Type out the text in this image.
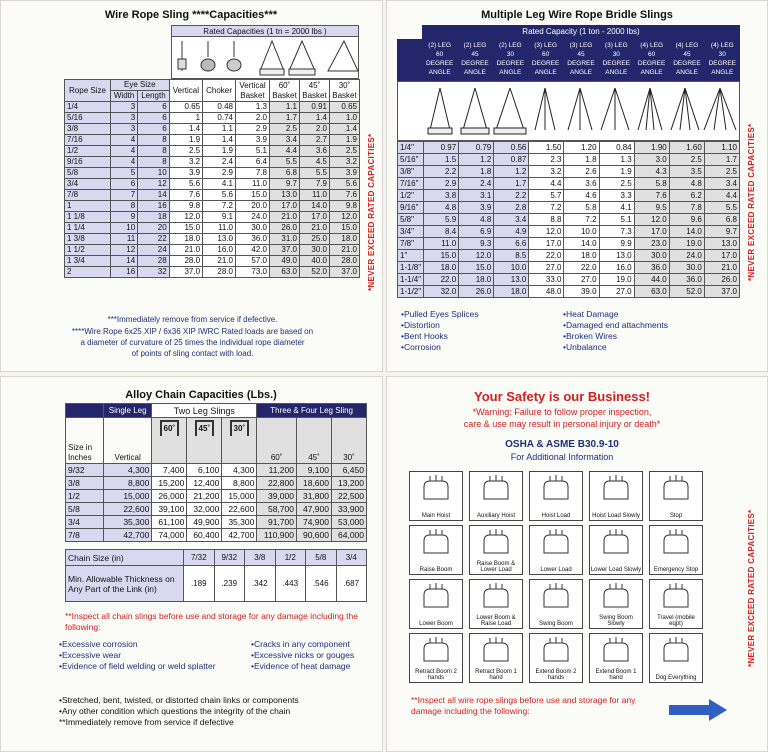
Wire Rope Sling ****Capacities***
Rated Capacities (1 tn = 2000 lbs )
Rope Size	Eye Size		Vertical	Choker	Vertical Basket	60˚ Basket	45˚ Basket	30˚ Basket
	Width	Length						
1/4	3	6	0.65	0.48	1.3	1.1	0.91	0.65
5/16	3	6	1	0.74	2.0	1.7	1.4	1.0
3/8	3	6	1.4	1.1	2.9	2.5	2.0	1.4
7/16	4	8	1.9	1.4	3.9	3.4	2.7	1.9
1/2	4	8	2.5	1.9	5.1	4.4	3.6	2.5
9/16	4	8	3.2	2.4	6.4	5.5	4.5	3.2
5/8	5	10	3.9	2.9	7.8	6.8	5.5	3.9
3/4	6	12	5.6	4.1	11.0	9.7	7.9	5.6
7/8	7	14	7.6	5.6	15.0	13.0	11.0	7.6
1	8	16	9.8	7.2	20.0	17.0	14.0	9.8
1 1/8	9	18	12.0	9.1	24.0	21.0	17.0	12.0
1 1/4	10	20	15.0	11.0	30.0	26.0	21.0	15.0
1 3/8	11	22	18.0	13.0	36.0	31.0	25.0	18.0
1 1/2	12	24	21.0	16.0	42.0	37.0	30.0	21.0
1 3/4	14	28	28.0	21.0	57.0	49.0	40.0	28.0
2	16	32	37.0	28.0	73.0	63.0	52.0	37.0
***Immediately remove from service if defective.
****Wire Rope 6x25 XIP / 6x36 XIP IWRC Rated loads are based on
a diameter of curvature of 25 times the individual rope diameter
of points of sling contact with load.
*NEVER EXCEED RATED CAPACITIES*
Multiple Leg Wire Rope Bridle Slings
Rated Capacity (1 ton - 2000 lbs)
(2) LEG
60
DEGREE
ANGLE
(2) LEG
45
DEGREE
ANGLE
(2) LEG
30
DEGREE
ANGLE
(3) LEG
60
DEGREE
ANGLE
(3) LEG
45
DEGREE
ANGLE
(3) LEG
30
DEGREE
ANGLE
(4) LEG
60
DEGREE
ANGLE
(4) LEG
45
DEGREE
ANGLE
(4) LEG
30
DEGREE
ANGLE
1/4"	0.97	0.79	0.56	1.50	1.20	0.84	1.90	1.60	1.10
5/16"	1.5	1.2	0.87	2.3	1.8	1.3	3.0	2.5	1.7
3/8"	2.2	1.8	1.2	3.2	2.6	1.9	4.3	3.5	2.5
7/16"	2.9	2.4	1.7	4.4	3.6	2.5	5.8	4.8	3.4
1/2"	3.8	3.1	2.2	5.7	4.6	3.3	7.6	6.2	4.4
9/16"	4.8	3.9	2.8	7.2	5.8	4.1	9.5	7.8	5.5
5/8"	5.9	4.8	3.4	8.8	7.2	5.1	12.0	9.6	6.8
3/4"	8.4	6.9	4.9	12.0	10.0	7.3	17.0	14.0	9.7
7/8"	11.0	9.3	6.6	17.0	14.0	9.9	23.0	19.0	13.0
1"	15.0	12.0	8.5	22.0	18.0	13.0	30.0	24.0	17.0
1-1/8"	18.0	15.0	10.0	27.0	22.0	16.0	36.0	30.0	21.0
1-1/4"	22.0	18.0	13.0	33.0	27.0	19.0	44.0	36.0	26.0
1-1/2"	32.0	26.0	18.0	48.0	39.0	27.0	63.0	52.0	37.0
•Pulled Eyes Splices
•Distortion
•Bent Hooks
•Corrosion
•Heat Damage
•Damaged end attachments
•Broken Wires
•Unbalance
*NEVER EXCEED RATED CAPACITIES*
Alloy Chain Capacities (Lbs.)
	Single Leg	Two Leg Slings			Three & Four Leg Sling		
Size in Inches	Vertical	60˚	45˚	30˚	60˚	45˚	30˚
9/32	4,300	7,400	6,100	4,300	11,200	9,100	6,450
3/8	8,800	15,200	12,400	8,800	22,800	18,600	13,200
1/2	15,000	26,000	21,200	15,000	39,000	31,800	22,500
5/8	22,600	39,100	32,000	22,600	58,700	47,900	33,900
3/4	35,300	61,100	49,900	35,300	91,700	74,900	53,000
7/8	42,700	74,000	60,400	42,700	110,900	90,600	64,000
Chain Size (in)	7/32	9/32	3/8	1/2	5/8	3/4
Min. Allowable Thickness on Any Part of the Link (in)	.189	.239	.342	.443	.546	.687
**Inspect all chain slings before use and storage for any damage including the following:
•Excessive corrosion
•Excessive wear
•Evidence of field welding or weld splatter
•Cracks in any component
•Excessive nicks or gouges
•Evidence of heat damage
•Stretched, bent, twisted, or distorted chain links or components
•Any other condition which questions the integrity of the chain
**Immediately remove from service if defective
Your Safety is our Business!
*Warning: Failure to follow proper inspection,
care & use may result in personal injury or death*
OSHA & ASME B30.9-10
For Additional Information
Main Hoist	Auxiliary Hoist	Hoist Load	Hoist Load Slowly	Stop
Raise Boom
Raise Boom & Lower Load	Lower Load	Lower Load Slowly	Emergency Stop
Lower Boom
Lower Boom & Raise Load	Swing Boom
Swing Boom Slowly
Travel (mobile eqpt)
Retract Boom 2 hands
Retract Boom 1 hand
Extend Boom 2 hands
Extend Boom 1 hand	Dog Everything
**Inspect all wire rope slings before use and storage for any damage including the following:
*NEVER EXCEED RATED CAPACITIES*
